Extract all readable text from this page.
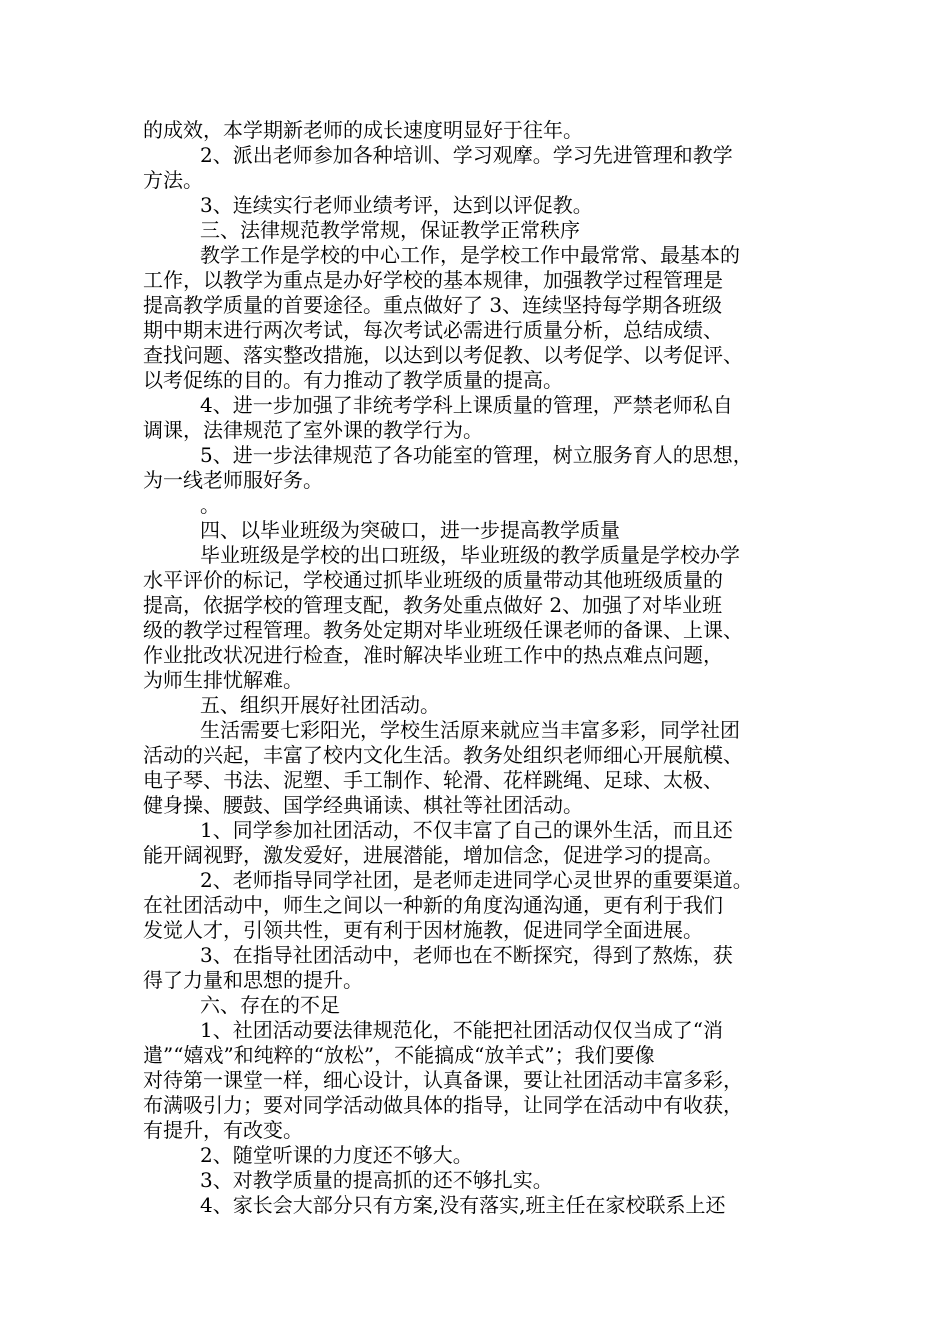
的成效，本学期新老师的成长速度明显好于往年。
2、派出老师参加各种培训、学习观摩。学习先进管理和教学
方法。
3、连续实行老师业绩考评，达到以评促教。
三、法律规范教学常规，保证教学正常秩序
教学工作是学校的中心工作，是学校工作中最常常、最基本的
工作，以教学为重点是办好学校的基本规律，加强教学过程管理是
提高教学质量的首要途径。重点做好了 3、连续坚持每学期各班级
期中期末进行两次考试，每次考试必需进行质量分析，总结成绩、
查找问题、落实整改措施，以达到以考促教、以考促学、以考促评、
以考促练的目的。有力推动了教学质量的提高。
4、进一步加强了非统考学科上课质量的管理，严禁老师私自
调课，法律规范了室外课的教学行为。
5、进一步法律规范了各功能室的管理，树立服务育人的思想，
为一线老师服好务。
。
四、以毕业班级为突破口，进一步提高教学质量
毕业班级是学校的出口班级，毕业班级的教学质量是学校办学
水平评价的标记，学校通过抓毕业班级的质量带动其他班级质量的
提高，依据学校的管理支配，教务处重点做好 2、加强了对毕业班
级的教学过程管理。教务处定期对毕业班级任课老师的备课、上课、
作业批改状况进行检查，准时解决毕业班工作中的热点难点问题，
为师生排忧解难。
五、组织开展好社团活动。
生活需要七彩阳光，学校生活原来就应当丰富多彩，同学社团
活动的兴起，丰富了校内文化生活。教务处组织老师细心开展航模、
电子琴、书法、泥塑、手工制作、轮滑、花样跳绳、足球、太极、
健身操、腰鼓、国学经典诵读、棋社等社团活动。
1、同学参加社团活动，不仅丰富了自己的课外生活，而且还
能开阔视野，激发爱好，进展潜能，增加信念，促进学习的提高。
2、老师指导同学社团，是老师走进同学心灵世界的重要渠道。
在社团活动中，师生之间以一种新的角度沟通沟通，更有利于我们
发觉人才，引领共性，更有利于因材施教，促进同学全面进展。
3、在指导社团活动中，老师也在不断探究，得到了熬炼，获
得了力量和思想的提升。
六、存在的不足
1、社团活动要法律规范化，不能把社团活动仅仅当成了“消
遣”“嬉戏”和纯粹的“放松”，不能搞成“放羊式”；我们要像
对待第一课堂一样，细心设计，认真备课，要让社团活动丰富多彩，
布满吸引力；要对同学活动做具体的指导，让同学在活动中有收获，
有提升，有改变。
2、随堂听课的力度还不够大。
3、对教学质量的提高抓的还不够扎实。
4、家长会大部分只有方案,没有落实,班主任在家校联系上还
